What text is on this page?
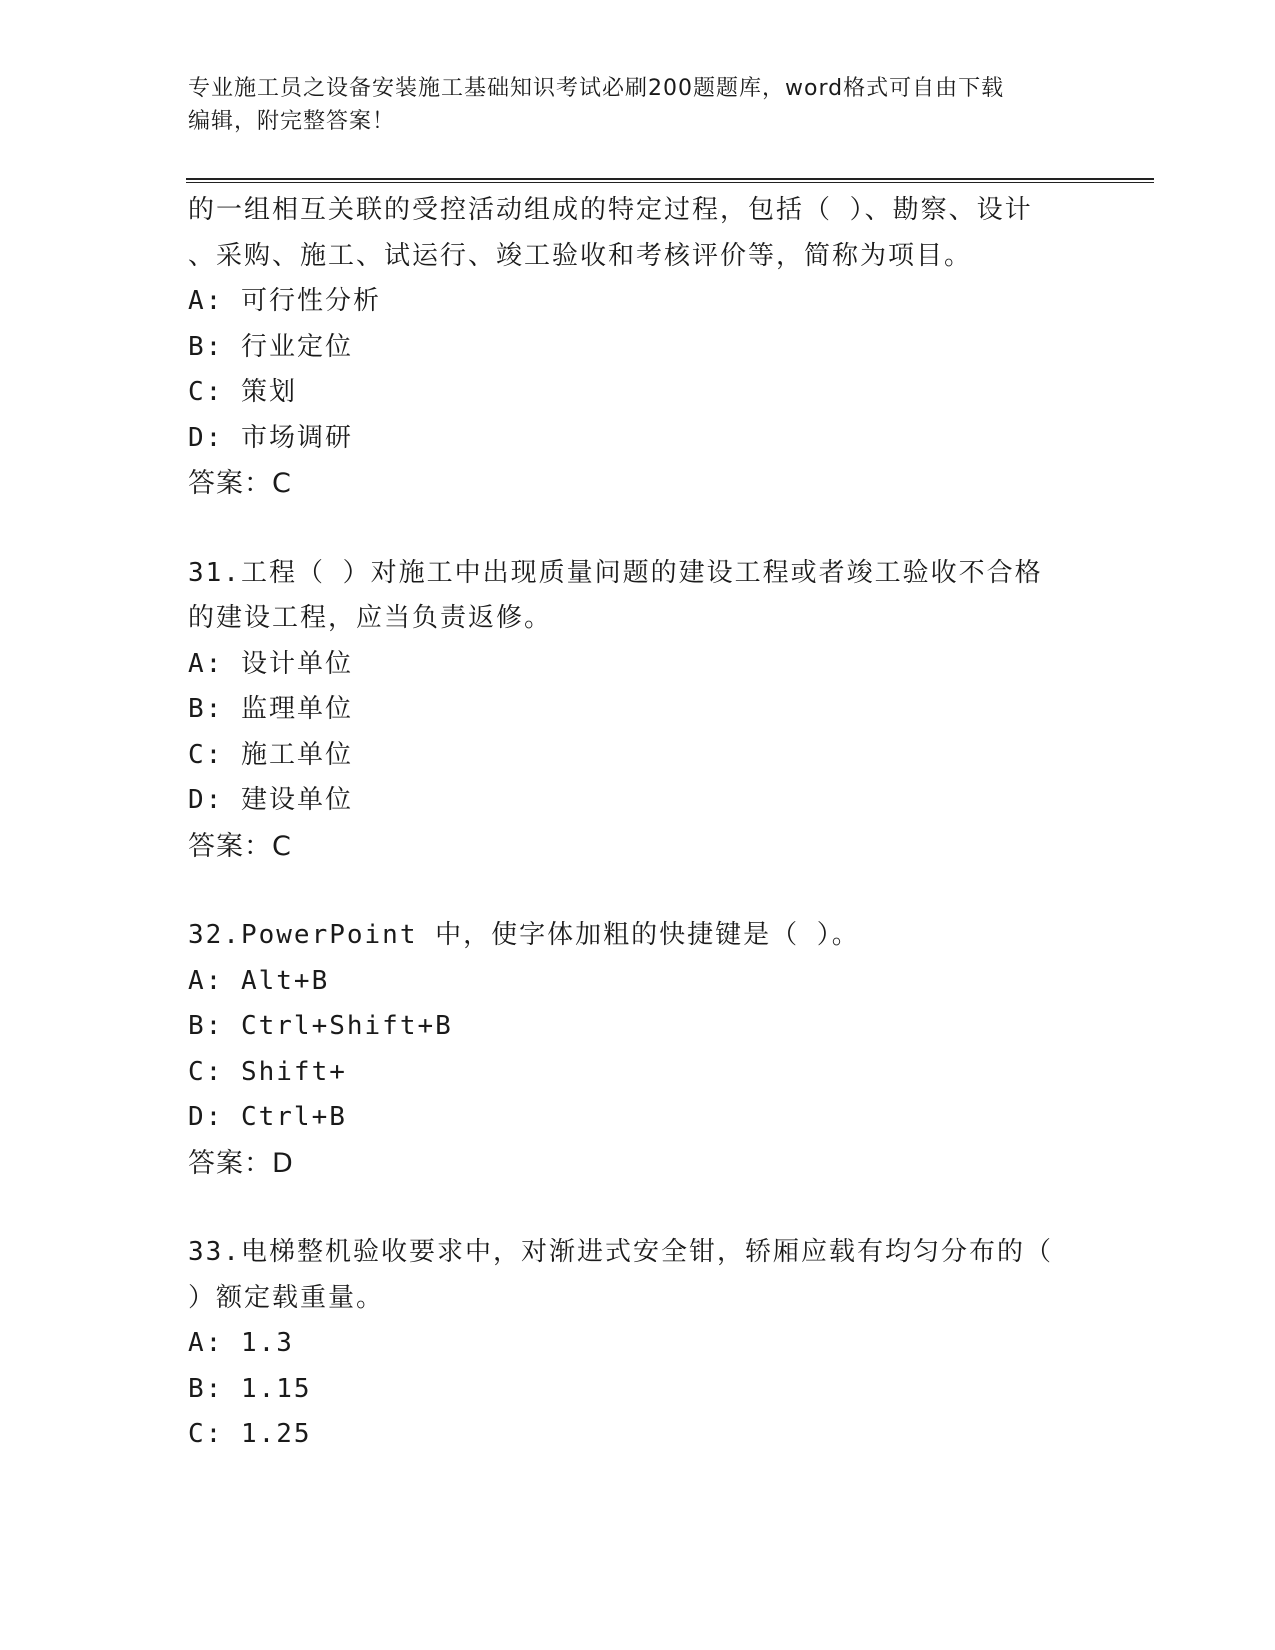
专业施工员之设备安装施工基础知识考试必刷200题题库，word格式可自由下载
编辑，附完整答案！
的一组相互关联的受控活动组成的特定过程，包括（ ）、勘察、设计
、采购、施工、试运行、竣工验收和考核评价等，简称为项目。
A: 可行性分析
B: 行业定位
C: 策划
D: 市场调研
答案：C
31.工程（ ）对施工中出现质量问题的建设工程或者竣工验收不合格
的建设工程，应当负责返修。
A: 设计单位
B: 监理单位
C: 施工单位
D: 建设单位
答案：C
32.PowerPoint 中，使字体加粗的快捷键是（ ）。
A: Alt+B
B: Ctrl+Shift+B
C: Shift+
D: Ctrl+B
答案：D
33.电梯整机验收要求中，对渐进式安全钳，轿厢应载有均匀分布的（
）额定载重量。
A: 1.3
B: 1.15
C: 1.25
